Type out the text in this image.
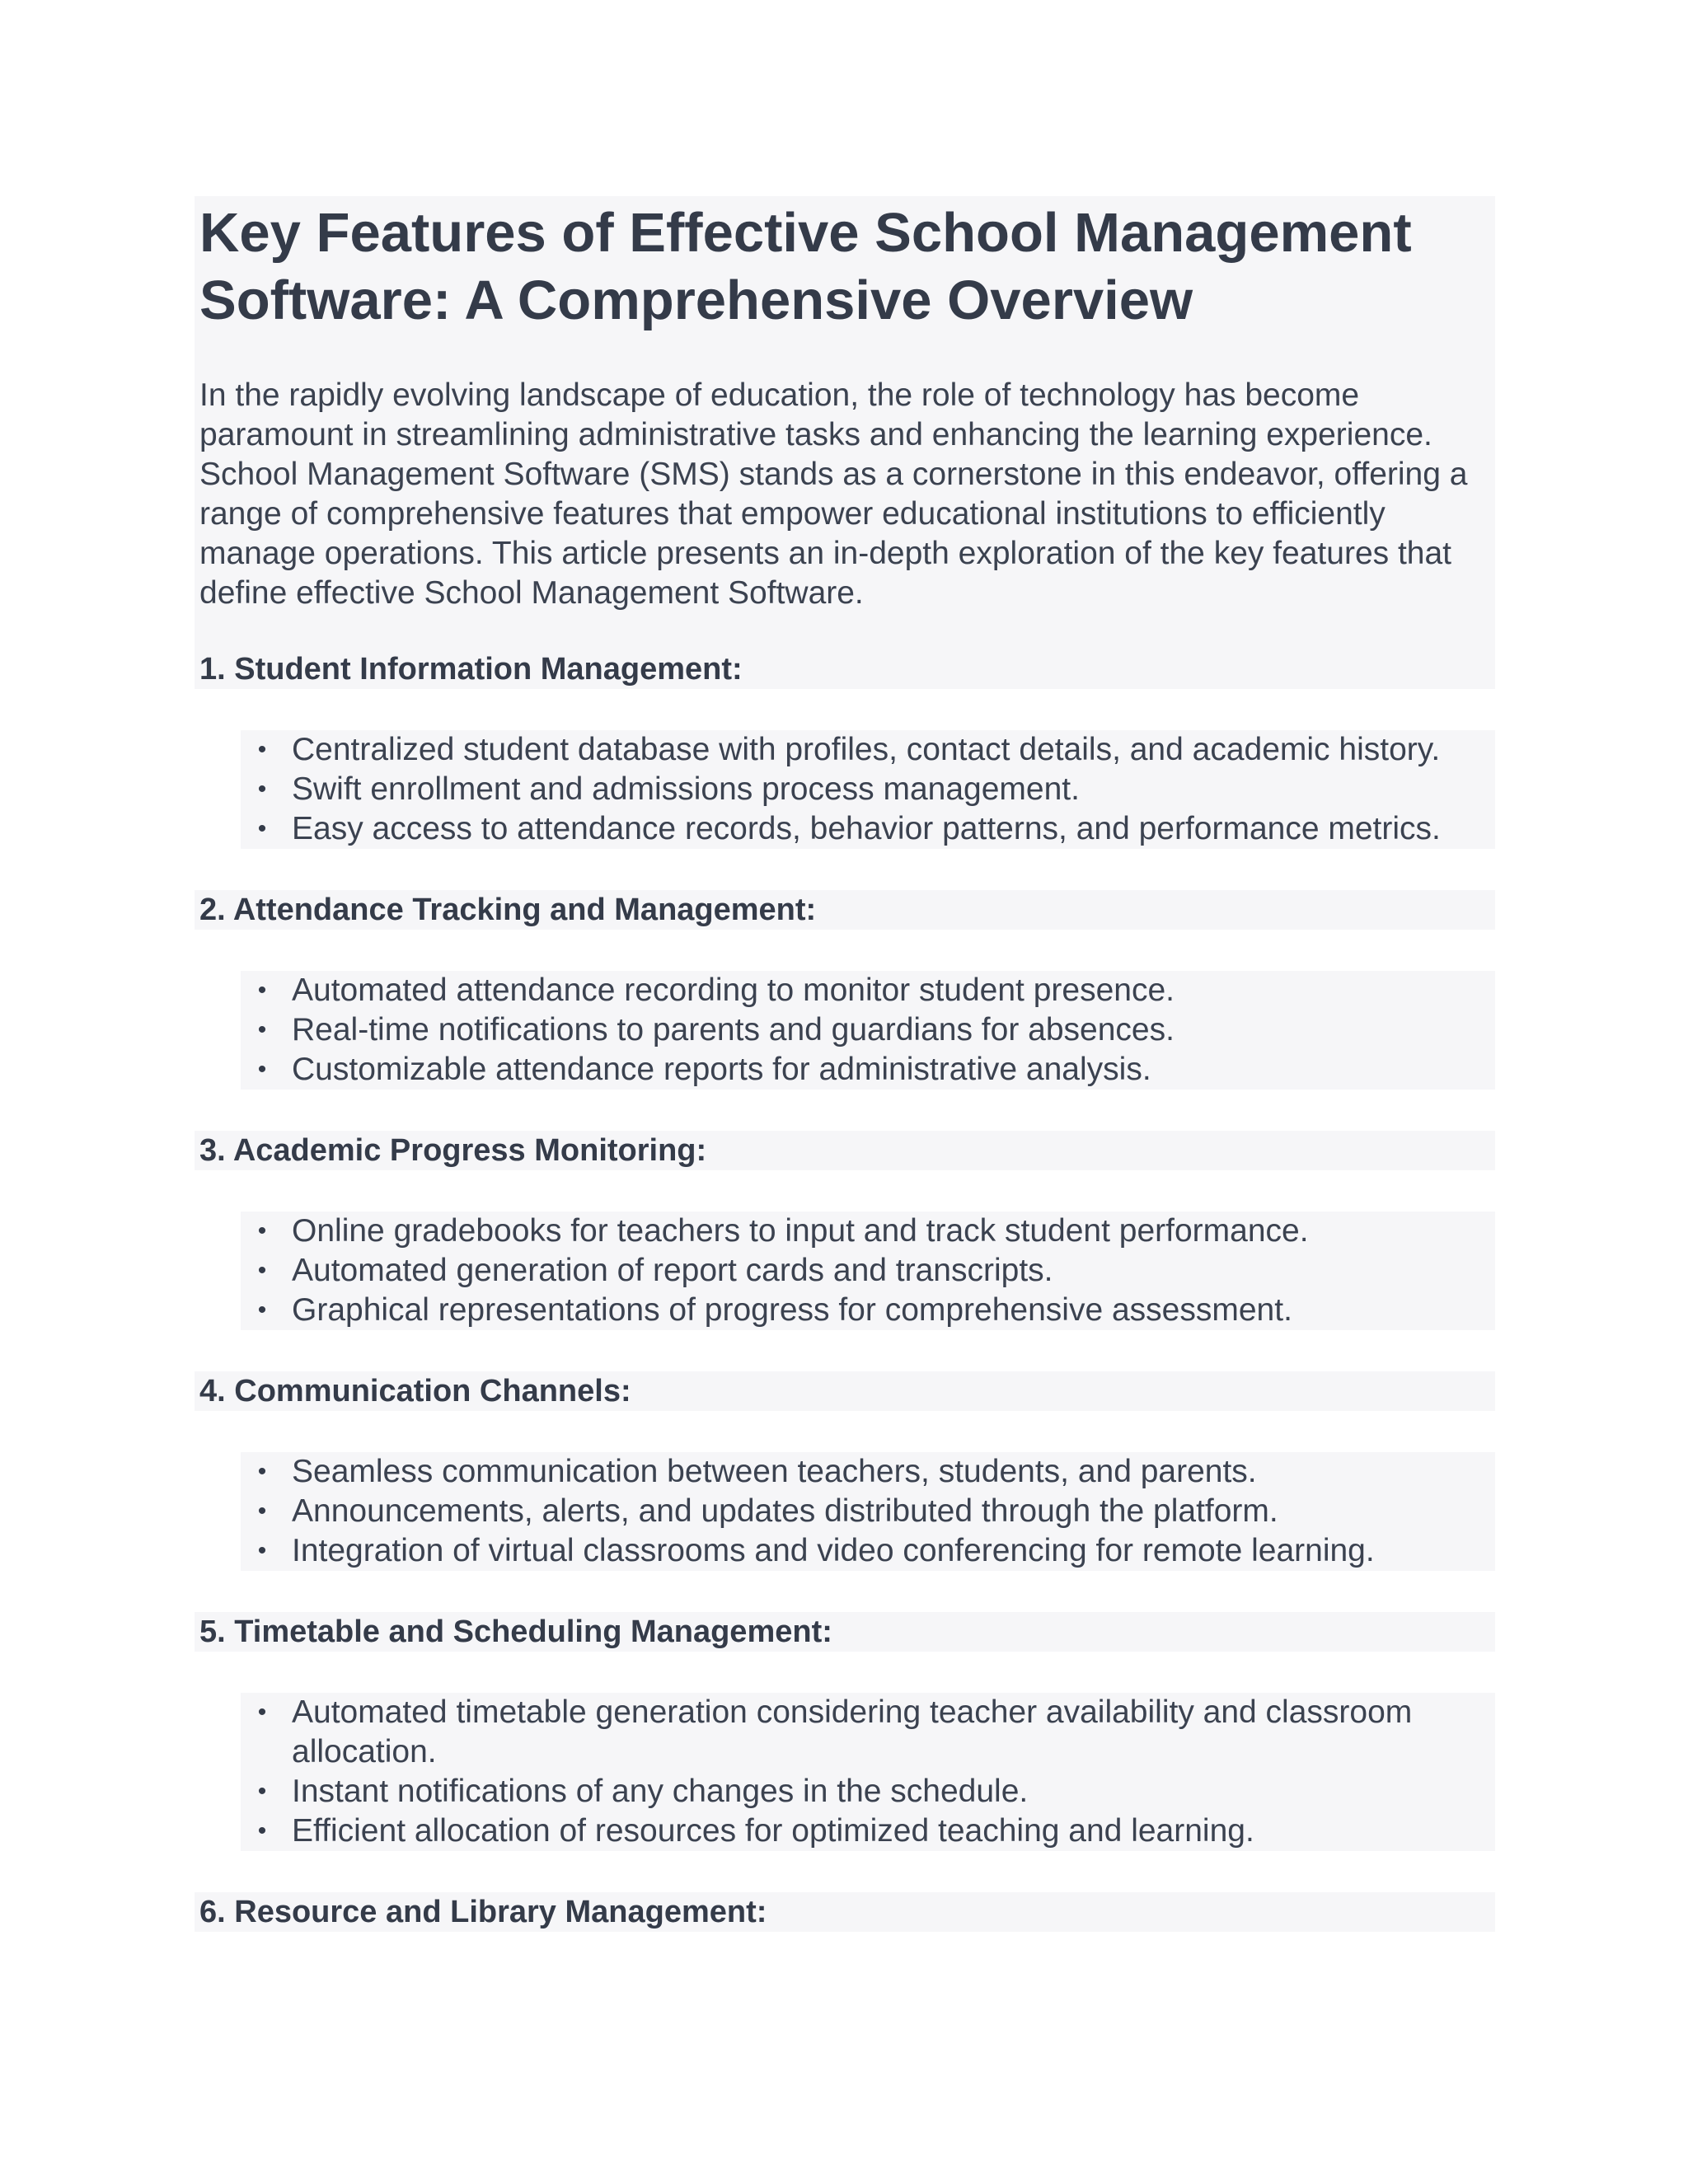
Key Features of Effective School Management Software: A Comprehensive Overview

In the rapidly evolving landscape of education, the role of technology has become paramount in streamlining administrative tasks and enhancing the learning experience. School Management Software (SMS) stands as a cornerstone in this endeavor, offering a range of comprehensive features that empower educational institutions to efficiently manage operations. This article presents an in-depth exploration of the key features that define effective School Management Software.

1. Student Information Management:
• Centralized student database with profiles, contact details, and academic history.
• Swift enrollment and admissions process management.
• Easy access to attendance records, behavior patterns, and performance metrics.
2. Attendance Tracking and Management:
• Automated attendance recording to monitor student presence.
• Real-time notifications to parents and guardians for absences.
• Customizable attendance reports for administrative analysis.
3. Academic Progress Monitoring:
• Online gradebooks for teachers to input and track student performance.
• Automated generation of report cards and transcripts.
• Graphical representations of progress for comprehensive assessment.
4. Communication Channels:
• Seamless communication between teachers, students, and parents.
• Announcements, alerts, and updates distributed through the platform.
• Integration of virtual classrooms and video conferencing for remote learning.
5. Timetable and Scheduling Management:
• Automated timetable generation considering teacher availability and classroom allocation.
• Instant notifications of any changes in the schedule.
• Efficient allocation of resources for optimized teaching and learning.
6. Resource and Library Management:
